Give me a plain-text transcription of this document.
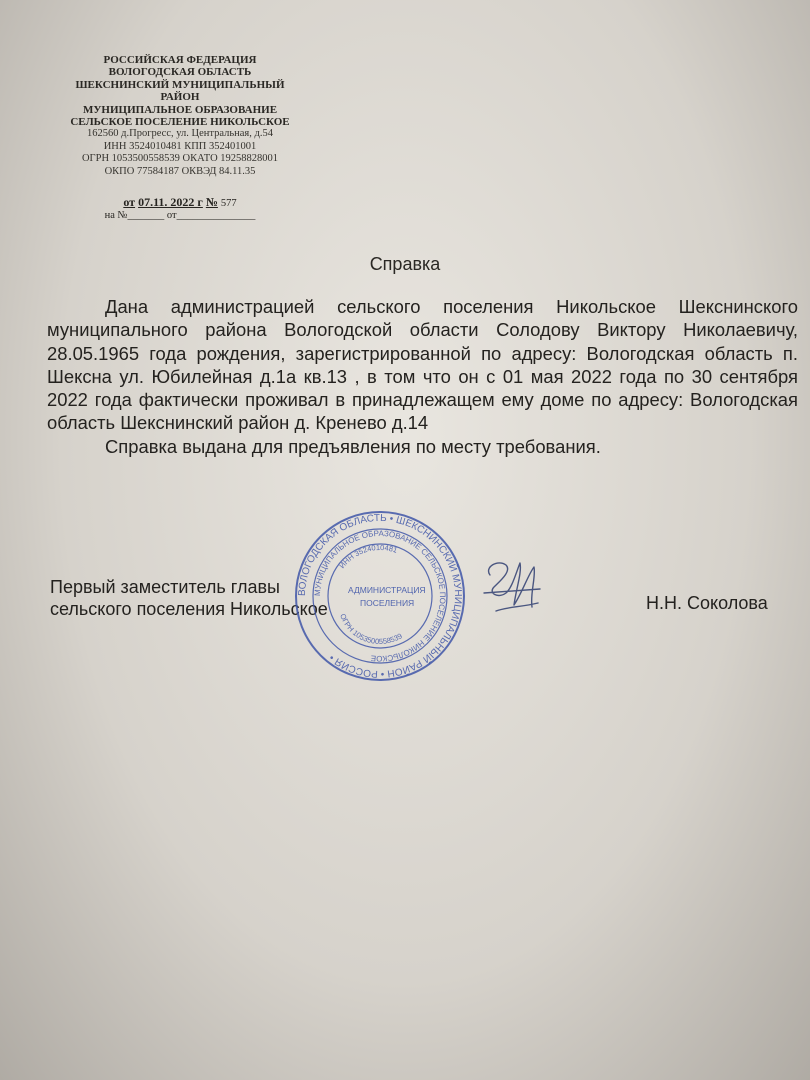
РОССИЙСКАЯ ФЕДЕРАЦИЯ
ВОЛОГОДСКАЯ ОБЛАСТЬ
ШЕКСНИНСКИЙ МУНИЦИПАЛЬНЫЙ
РАЙОН
МУНИЦИПАЛЬНОЕ ОБРАЗОВАНИЕ
СЕЛЬСКОЕ ПОСЕЛЕНИЕ НИКОЛЬСКОЕ
162560 д.Прогресс, ул. Центральная, д.54
ИНН 3524010481 КПП 352401001
ОГРН 1053500558539 ОКАТО 19258828001
ОКПО 77584187 ОКВЭД 84.11.35
от 07.11. 2022 г № 577
на №_______ от_______________
Справка

Дана администрацией сельского поселения Никольское Шекснинского муниципального района Вологодской области Солодову Виктору Николаевичу, 28.05.1965 года рождения, зарегистрированной по адресу: Вологодская область п. Шексна ул. Юбилейная д.1а кв.13 , в том что он с 01 мая 2022 года по 30 сентября 2022 года фактически проживал в принадлежащем ему доме по адресу: Вологодская область Шекснинский район д. Кренево д.14

Справка выдана для предъявления по месту требования.

Первый заместитель главы
сельского поселения Никольское
ВОЛОГОДСКАЯ ОБЛАСТЬ • ШЕКСНИНСКИЙ МУНИЦИПАЛЬНЫЙ РАЙОН • РОССИЯ •
МУНИЦИПАЛЬНОЕ ОБРАЗОВАНИЕ СЕЛЬСКОЕ ПОСЕЛЕНИЕ НИКОЛЬСКОЕ
ИНН 3524010481
ОГРН 1053500558539
АДМИНИСТРАЦИЯ
ПОСЕЛЕНИЯ	Н.Н. Соколова
